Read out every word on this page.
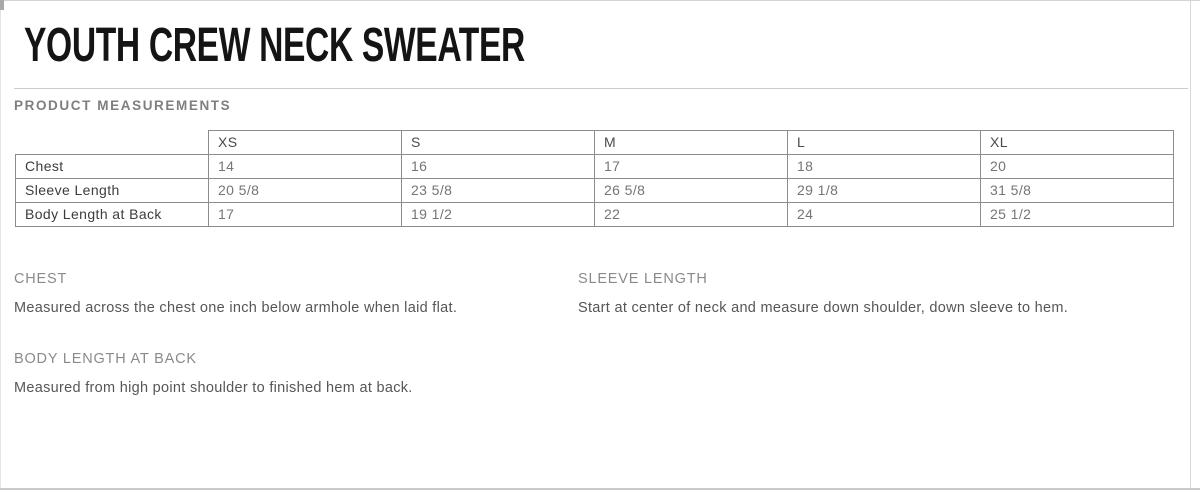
YOUTH CREW NECK SWEATER
PRODUCT MEASUREMENTS
	XS	S	M	L	XL
Chest	14	16	17	18	20
Sleeve Length	20 5/8	23 5/8	26 5/8	29 1/8	31 5/8
Body Length at Back	17	19 1/2	22	24	25 1/2
CHEST
Measured across the chest one inch below armhole when laid flat.
SLEEVE LENGTH
Start at center of neck and measure down shoulder, down sleeve to hem.
BODY LENGTH AT BACK
Measured from high point shoulder to finished hem at back.
